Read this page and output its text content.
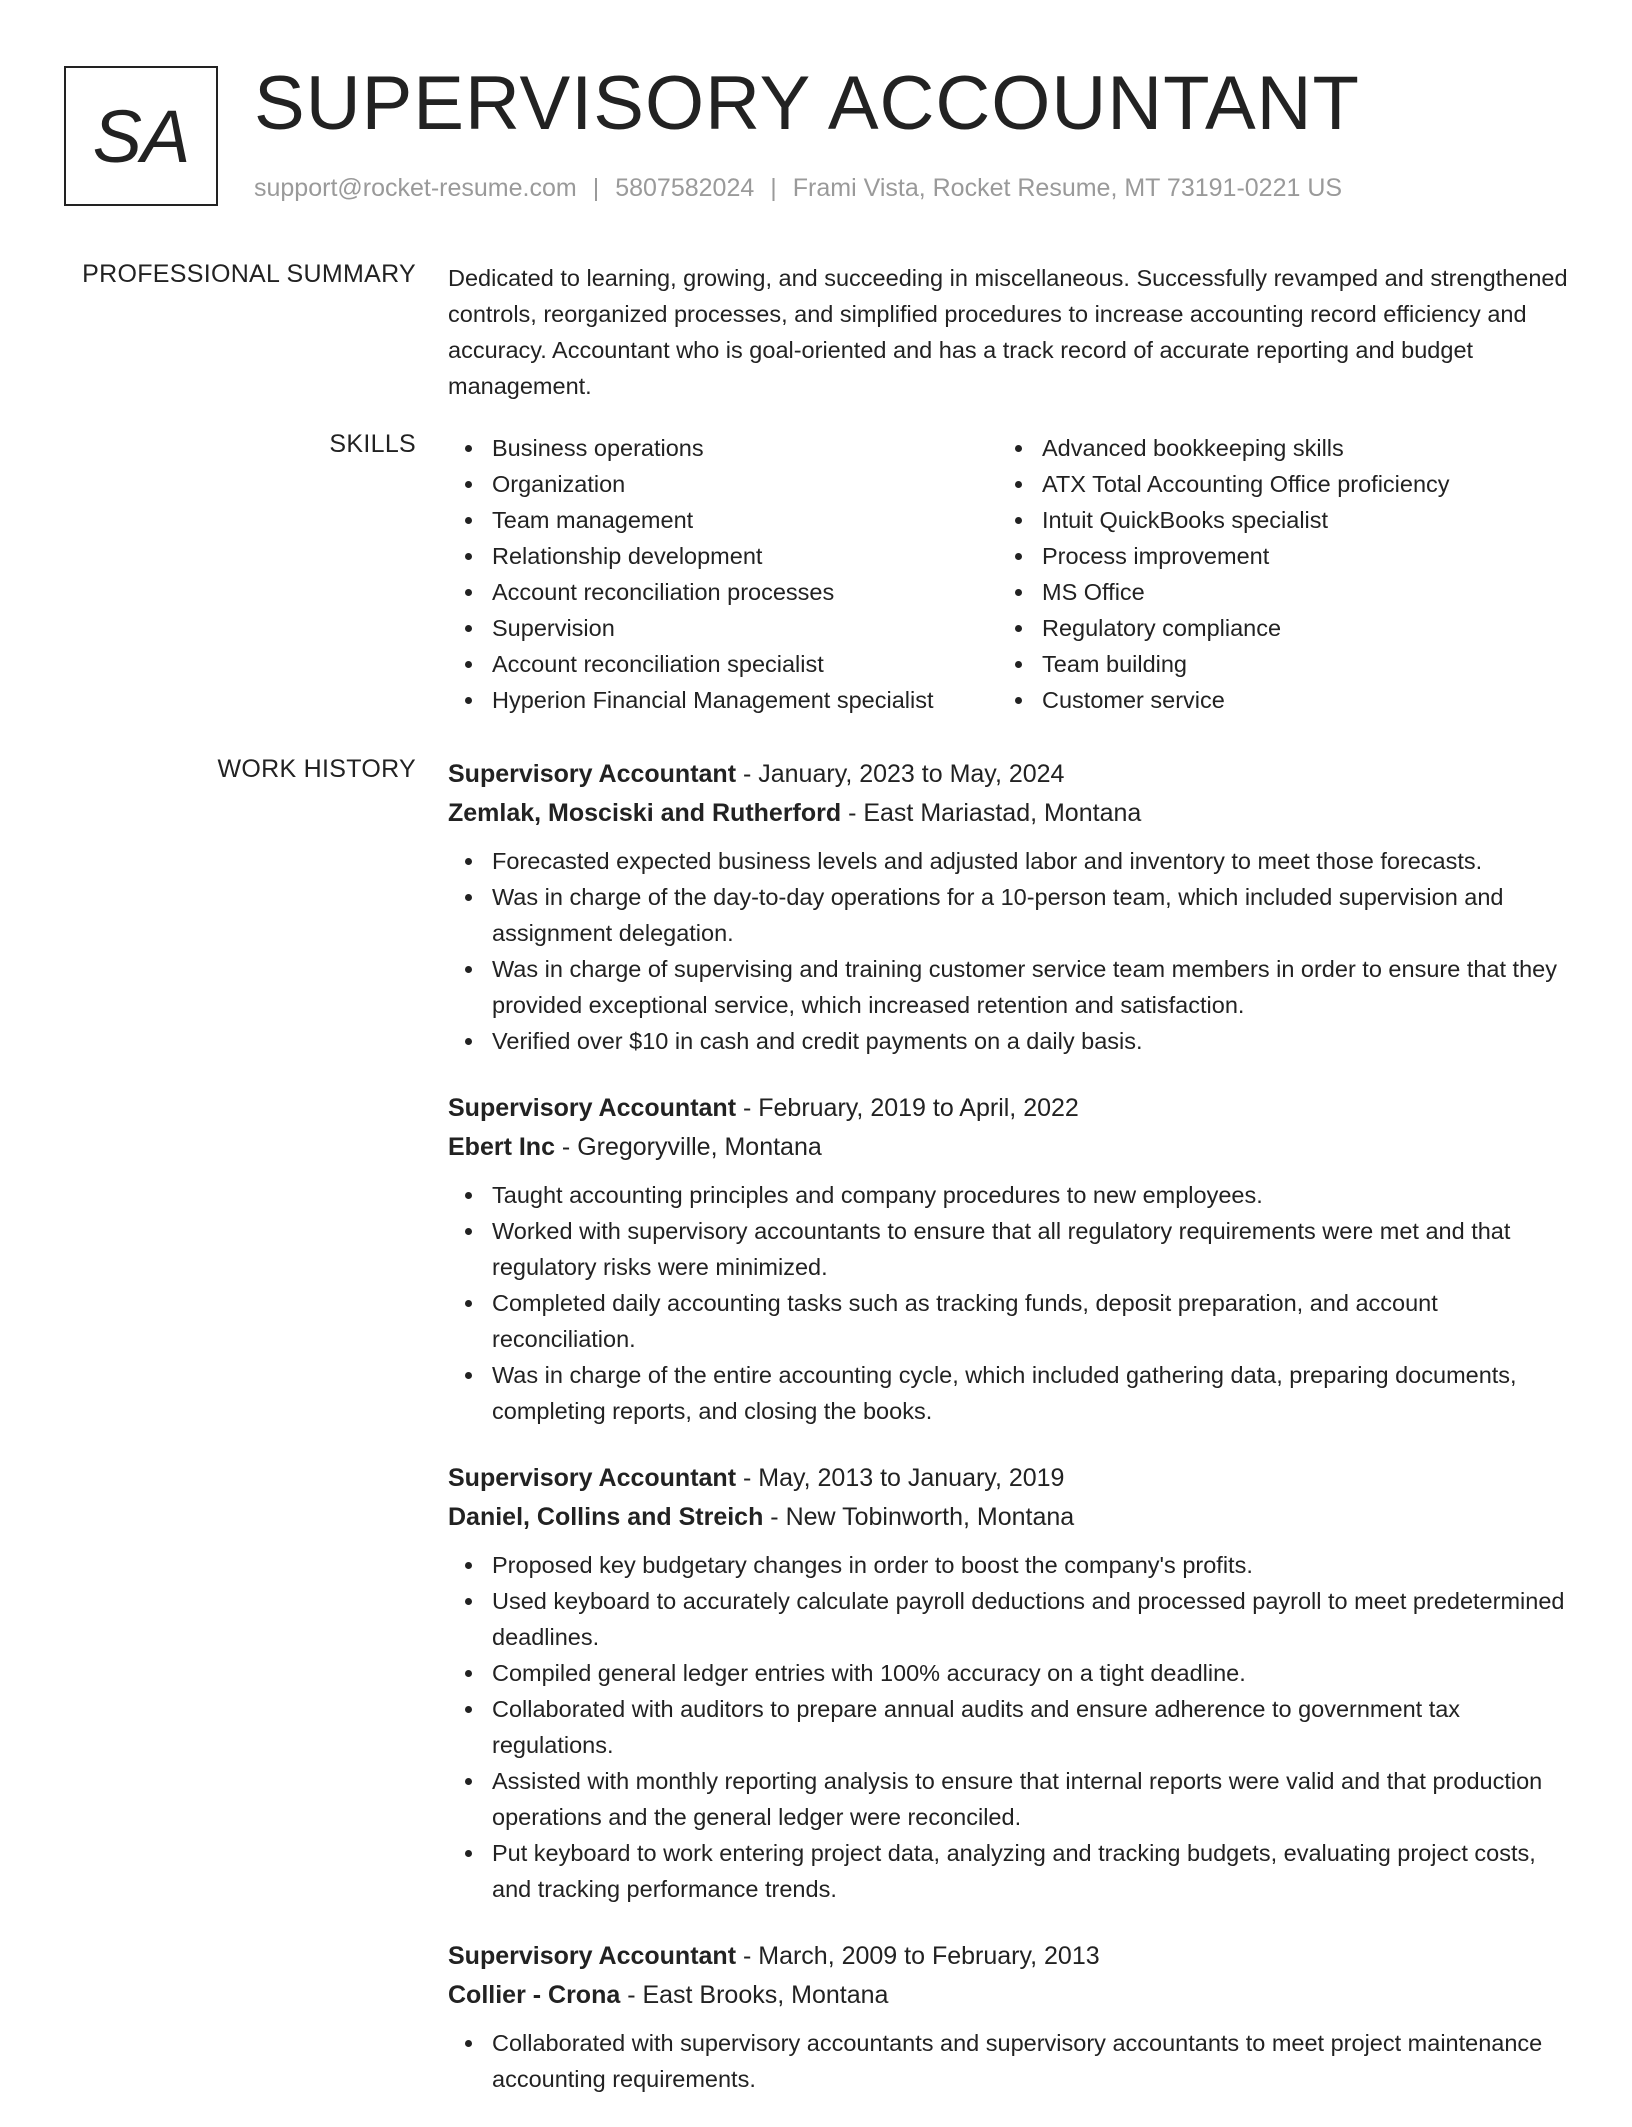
SA SUPERVISORY ACCOUNTANT
support@rocket-resume.com | 5807582024 | Frami Vista, Rocket Resume, MT 73191-0221 US
PROFESSIONAL SUMMARY Dedicated to learning, growing, and succeeding in miscellaneous. Successfully revamped and strengthened controls, reorganized processes, and simplified procedures to increase accounting record efficiency and accuracy. Accountant who is goal-oriented and has a track record of accurate reporting and budget management.

SKILLS	Business operations
Organization
Team management
Relationship development
Account reconciliation processes
Supervision
Account reconciliation specialist
Hyperion Financial Management specialist
Advanced bookkeeping skills
ATX Total Accounting Office proficiency
Intuit QuickBooks specialist
Process improvement
MS Office
Regulatory compliance
Team building
Customer service
WORK HISTORY Supervisory Accountant - January, 2023 to May, 2024
Zemlak, Mosciski and Rutherford - East Mariastad, Montana
Forecasted expected business levels and adjusted labor and inventory to meet those forecasts.
Was in charge of the day-to-day operations for a 10-person team, which included supervision and assignment delegation.
Was in charge of supervising and training customer service team members in order to ensure that they provided exceptional service, which increased retention and satisfaction.
Verified over $10 in cash and credit payments on a daily basis.
Supervisory Accountant - February, 2019 to April, 2022
Ebert Inc - Gregoryville, Montana
Taught accounting principles and company procedures to new employees.
Worked with supervisory accountants to ensure that all regulatory requirements were met and that regulatory risks were minimized.
Completed daily accounting tasks such as tracking funds, deposit preparation, and account reconciliation.
Was in charge of the entire accounting cycle, which included gathering data, preparing documents, completing reports, and closing the books.
Supervisory Accountant - May, 2013 to January, 2019
Daniel, Collins and Streich - New Tobinworth, Montana
Proposed key budgetary changes in order to boost the company's profits.
Used keyboard to accurately calculate payroll deductions and processed payroll to meet predetermined deadlines.
Compiled general ledger entries with 100% accuracy on a tight deadline.
Collaborated with auditors to prepare annual audits and ensure adherence to government tax regulations.
Assisted with monthly reporting analysis to ensure that internal reports were valid and that production operations and the general ledger were reconciled.
Put keyboard to work entering project data, analyzing and tracking budgets, evaluating project costs, and tracking performance trends.
Supervisory Accountant - March, 2009 to February, 2013
Collier - Crona - East Brooks, Montana
Collaborated with supervisory accountants and supervisory accountants to meet project maintenance accounting requirements.
